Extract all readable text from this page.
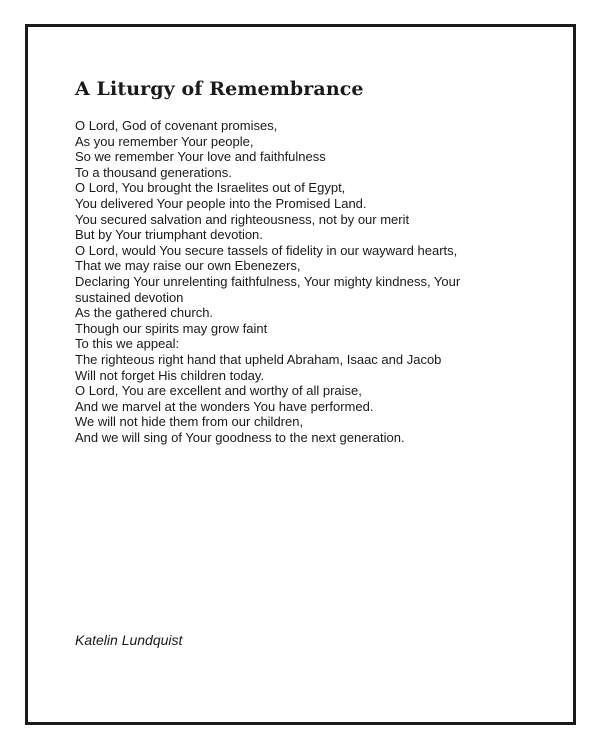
A Liturgy of Remembrance
O Lord, God of covenant promises,
As you remember Your people,
So we remember Your love and faithfulness
To a thousand generations.
O Lord, You brought the Israelites out of Egypt,
You delivered Your people into the Promised Land.
You secured salvation and righteousness, not by our merit
But by Your triumphant devotion.
O Lord, would You secure tassels of fidelity in our wayward hearts,
That we may raise our own Ebenezers,
Declaring Your unrelenting faithfulness, Your mighty kindness, Your
sustained devotion
As the gathered church.
Though our spirits may grow faint
To this we appeal:
The righteous right hand that upheld Abraham, Isaac and Jacob
Will not forget His children today.
O Lord, You are excellent and worthy of all praise,
And we marvel at the wonders You have performed.
We will not hide them from our children,
And we will sing of Your goodness to the next generation.

Katelin Lundquist
